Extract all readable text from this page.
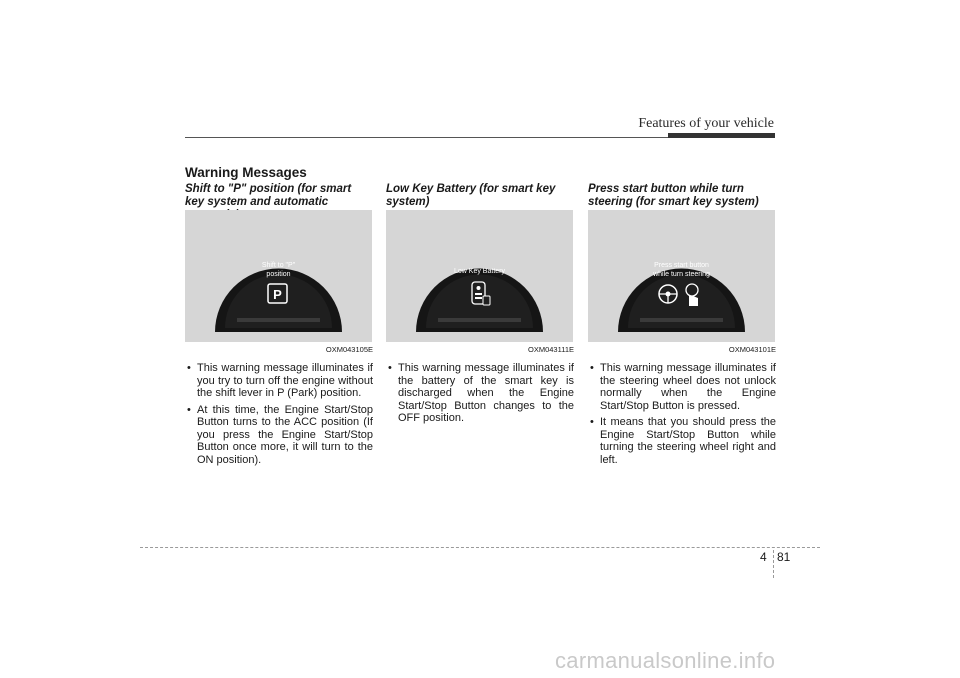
Features of your vehicle
Warning Messages
Shift to "P" position (for smart key system and automatic
Shift to "P"
position
P
OXM043105E
• This warning message illuminates if you try to turn off the engine without the shift lever in P (Park) position.
• At this time, the Engine Start/Stop Button turns to the ACC position (If you press the Engine Start/Stop Button once more, it will turn to the ON position).
Low Key Battery (for smart key system)
Low Key Battery
OXM043111E
• This warning message illuminates if the battery of the smart key is discharged when the Engine Start/Stop Button changes to the OFF position.
Press start button while turn steering (for smart key system)
Press start button
while turn steering
OXM043101E
• This warning message illuminates if the steering wheel does not unlock normally when the Engine Start/Stop Button is pressed.
• It means that you should press the Engine Start/Stop Button while turning the steering wheel right and left.
4 81
carmanualsonline.info
